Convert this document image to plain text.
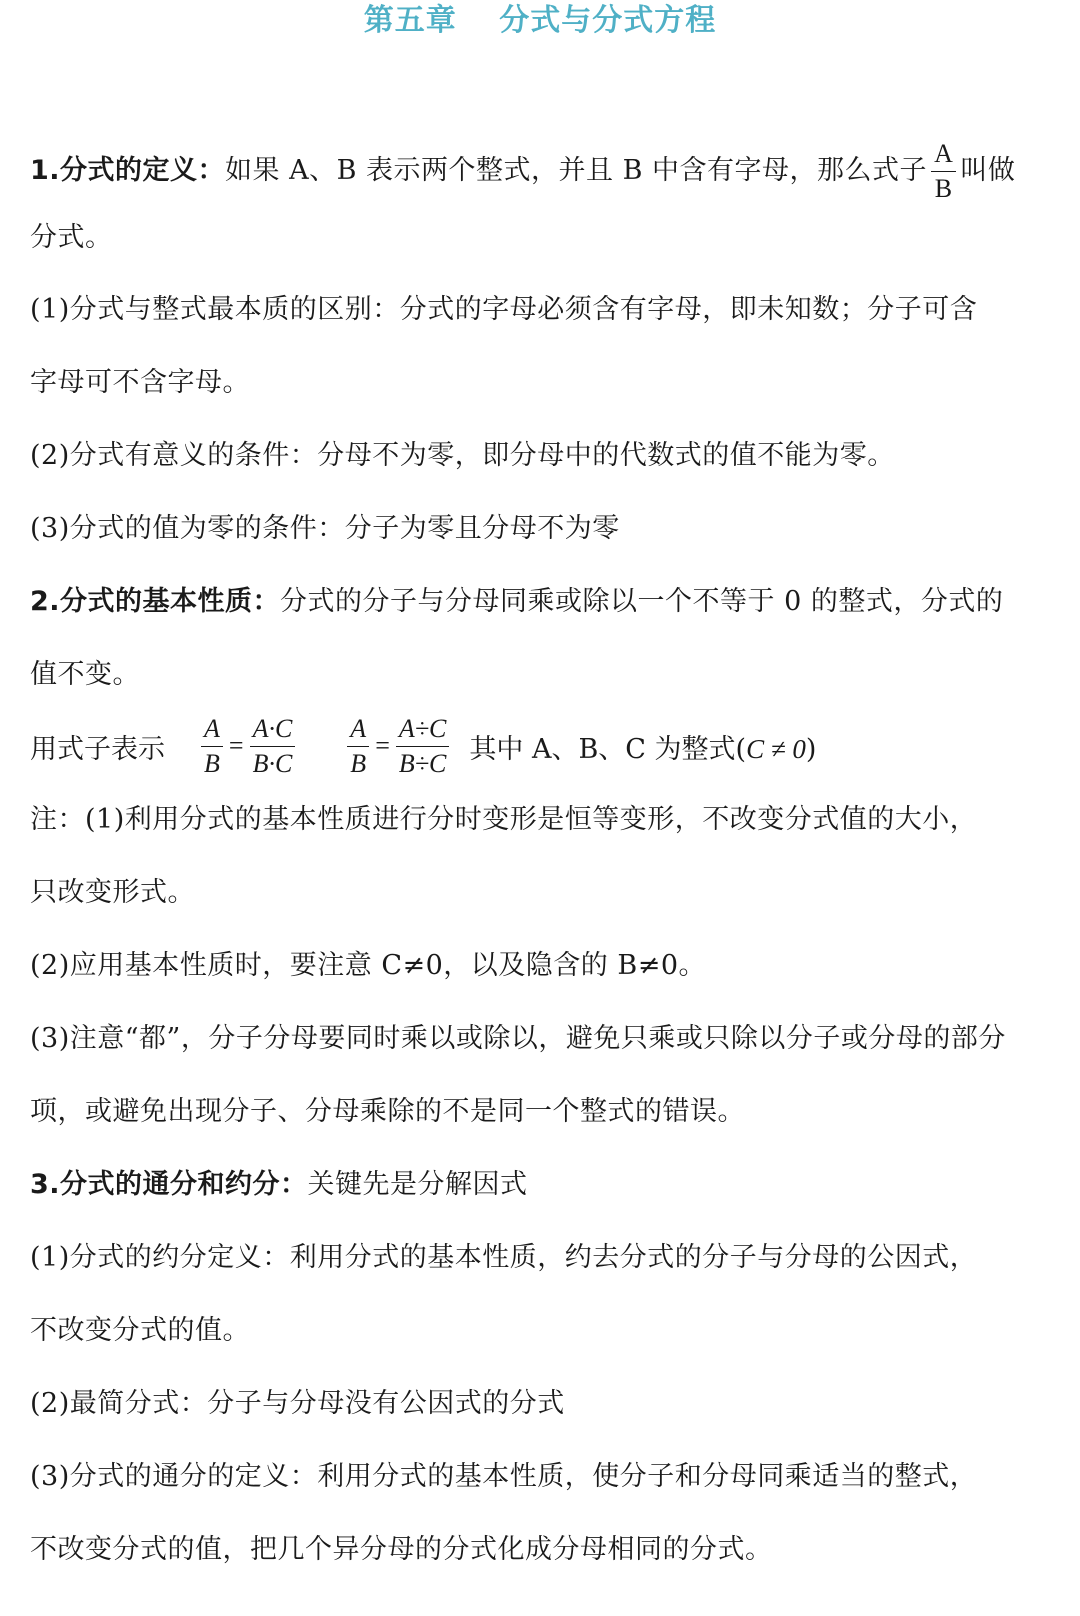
第五章　 分式与分式方程
1.分式的定义： 如果 A、B 表示两个整式，并且 B 中含有字母，那么式子 $\frac{A}{B}$ 叫做
分式。
(1)分式与整式最本质的区别：分式的字母必须含有字母，即未知数；分子可含
字母可不含字母。
(2)分式有意义的条件：分母不为零，即分母中的代数式的值不能为零。
(3)分式的值为零的条件：分子为零且分母不为零
2.分式的基本性质：分式的分子与分母同乘或除以一个不等于 0 的整式，分式的
值不变。
用式子表示 $\frac{A}{B} = \frac{A\cdot C}{B\cdot C} \frac{A}{B} = \frac{A\div C}{B\div C}$ 其中 A、B、C 为整式(C ≠ 0)
注：(1)利用分式的基本性质进行分时变形是恒等变形，不改变分式值的大小，
只改变形式。
(2)应用基本性质时，要注意 C≠0，以及隐含的 B≠0。
(3)注意“都”，分子分母要同时乘以或除以，避免只乘或只除以分子或分母的部分
项，或避免出现分子、分母乘除的不是同一个整式的错误。
3.分式的通分和约分：关键先是分解因式
(1)分式的约分定义：利用分式的基本性质，约去分式的分子与分母的公因式，
不改变分式的值。
(2)最简分式：分子与分母没有公因式的分式
(3)分式的通分的定义：利用分式的基本性质，使分子和分母同乘适当的整式，
不改变分式的值，把几个异分母的分式化成分母相同的分式。
